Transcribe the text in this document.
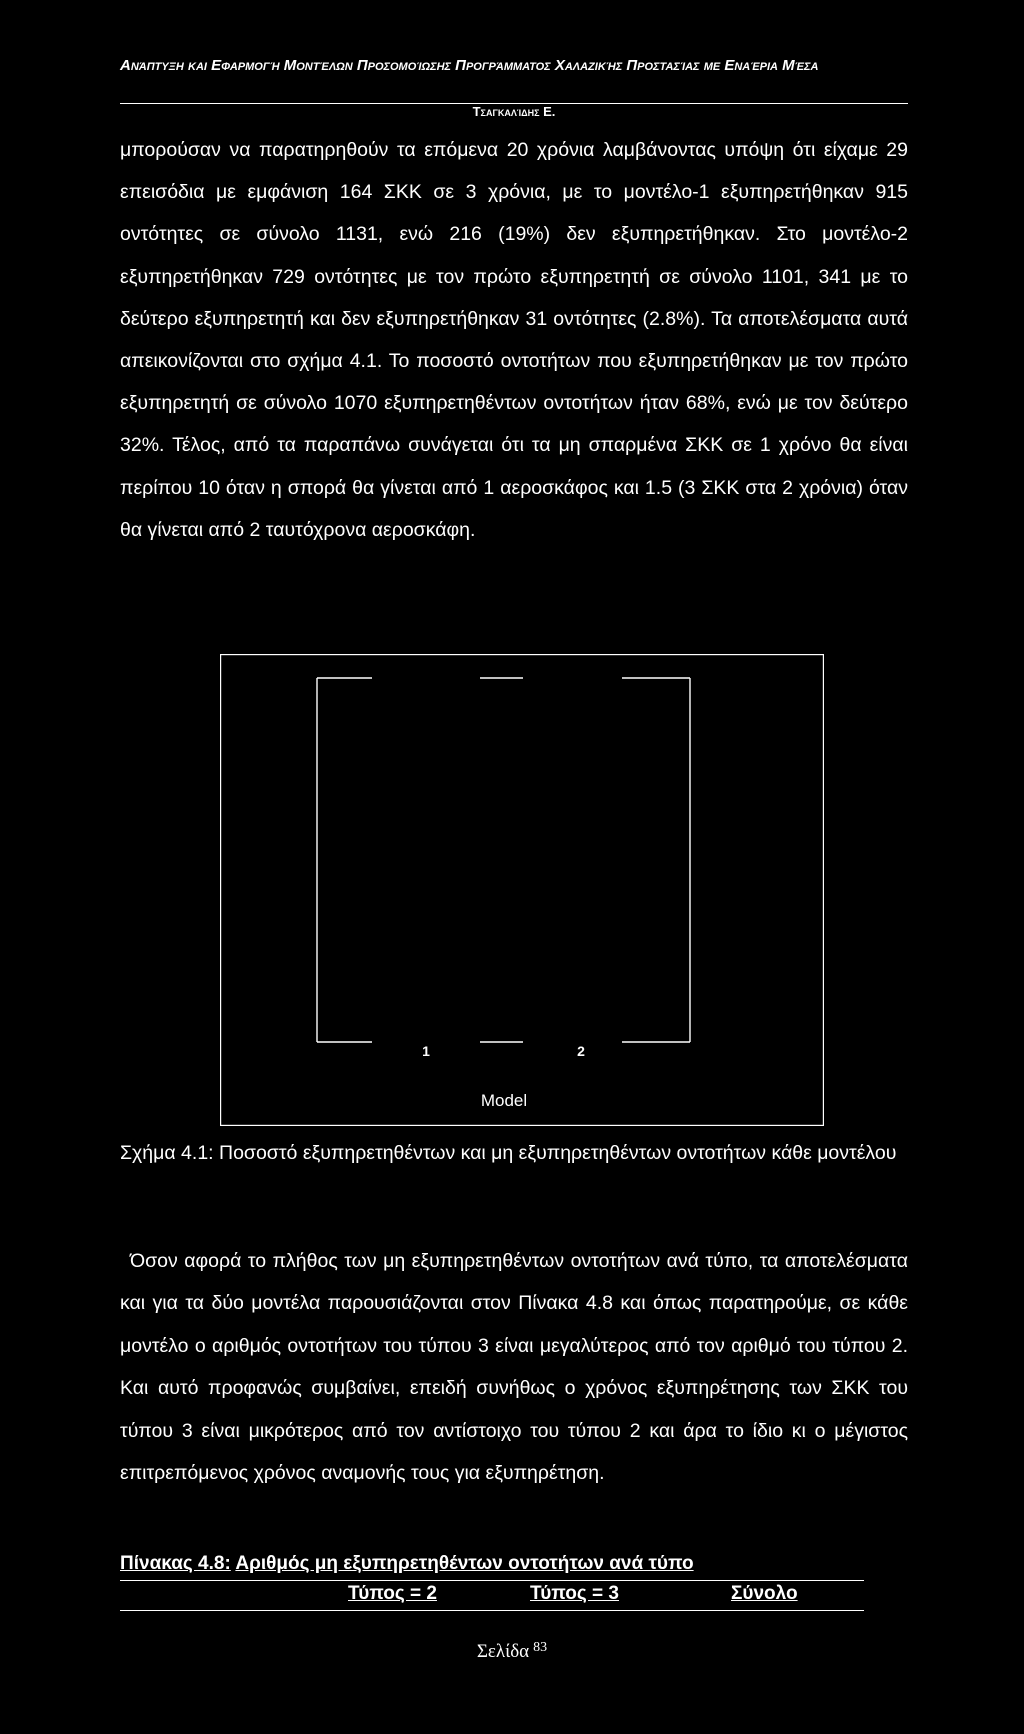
Ανάπτυξη και Εφαρμογή Μοντέλων Προσομοίωσης Προγράμματος Χαλαζικής Προστασίας με Εναέρια Μέσα
Τσαγκαλίδης Ε.

μπορούσαν να παρατηρηθούν τα επόμενα 20 χρόνια λαμβάνοντας υπόψη ότι είχαμε 29 επεισόδια με εμφάνιση 164 ΣΚΚ σε 3 χρόνια, με το μοντέλο-1 εξυπηρετήθηκαν 915 οντότητες σε σύνολο 1131, ενώ 216 (19%) δεν εξυπηρετήθηκαν. Στο μοντέλο-2 εξυπηρετήθηκαν 729 οντότητες με τον πρώτο εξυπηρετητή σε σύνολο 1101, 341 με το δεύτερο εξυπηρετητή και δεν εξυπηρετήθηκαν 31 οντότητες (2.8%). Τα αποτελέσματα αυτά απεικονίζονται στο σχήμα 4.1. Το ποσοστό οντοτήτων που εξυπηρετήθηκαν με τον πρώτο εξυπηρετητή σε σύνολο 1070 εξυπηρετηθέντων οντοτήτων ήταν 68%, ενώ με τον δεύτερο 32%. Τέλος, από τα παραπάνω συνάγεται ότι τα μη σπαρμένα ΣΚΚ σε 1 χρόνο θα είναι περίπου 10 όταν η σπορά θα γίνεται από 1 αεροσκάφος και 1.5 (3 ΣΚΚ στα 2 χρόνια) όταν θα γίνεται από 2 ταυτόχρονα αεροσκάφη.

1	2
Model

Σχήμα 4.1: Ποσοστό εξυπηρετηθέντων και μη εξυπηρετηθέντων οντοτήτων κάθε μοντέλου

Όσον αφορά το πλήθος των μη εξυπηρετηθέντων οντοτήτων ανά τύπο, τα αποτελέσματα και για τα δύο μοντέλα παρουσιάζονται στον Πίνακα 4.8 και όπως παρατηρούμε, σε κάθε μοντέλο ο αριθμός οντοτήτων του τύπου 3 είναι μεγαλύτερος από τον αριθμό του τύπου 2. Και αυτό προφανώς συμβαίνει, επειδή συνήθως ο χρόνος εξυπηρέτησης των ΣΚΚ του τύπου 3 είναι μικρότερος από τον αντίστοιχο του τύπου 2 και άρα το ίδιο κι ο μέγιστος επιτρεπόμενος χρόνος αναμονής τους για εξυπηρέτηση.

Πίνακας 4.8: Αριθμός μη εξυπηρετηθέντων οντοτήτων ανά τύπο
Τύπος = 2	Τύπος = 3	Σύνολο
Σελίδα $^{83}$
